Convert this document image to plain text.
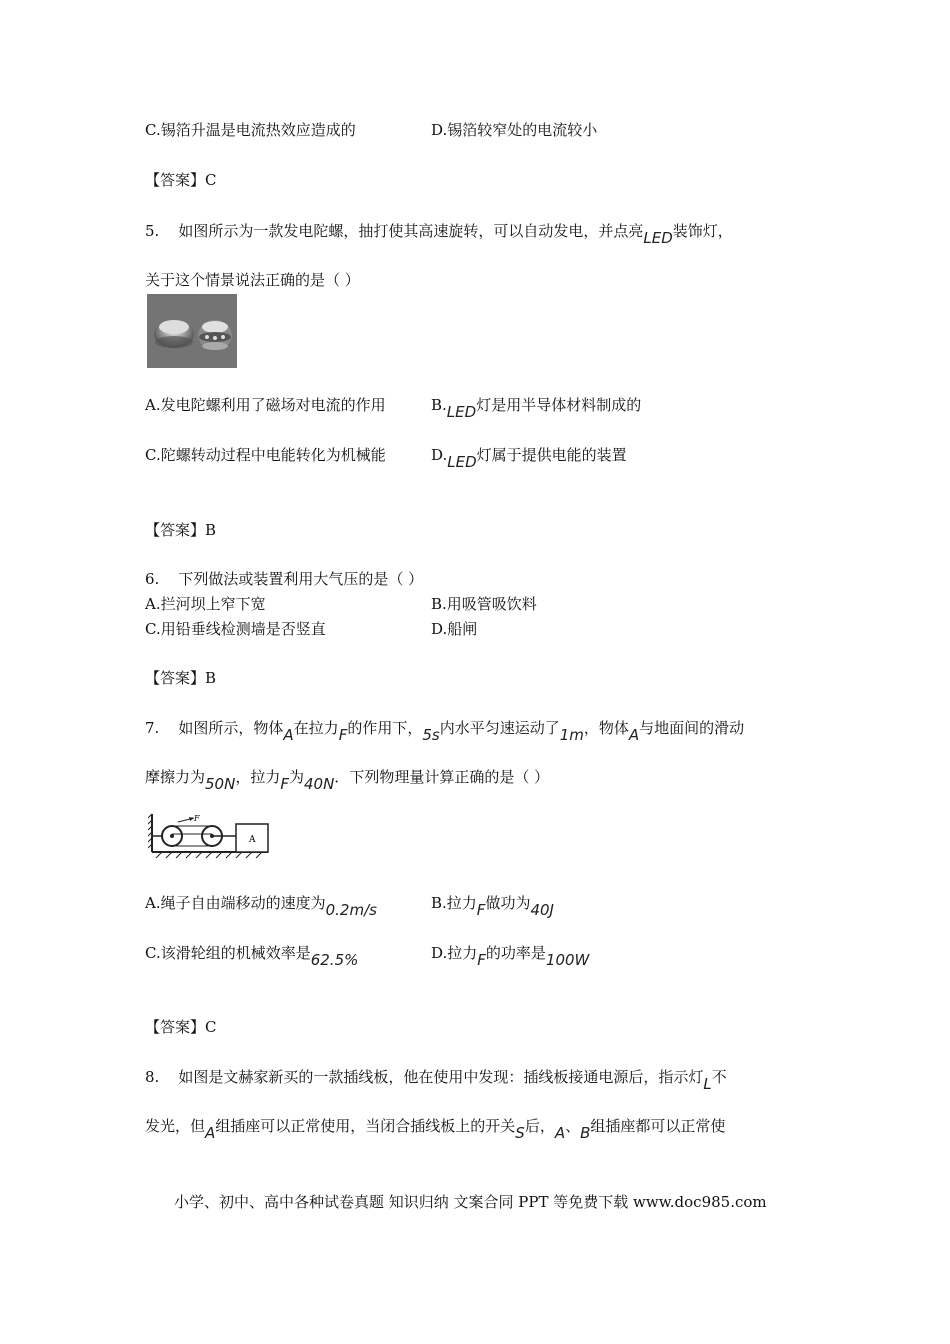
C.锡箔升温是电流热效应造成的	D.锡箔较窄处的电流较小
【答案】C
5. 如图所示为一款发电陀螺，抽打使其高速旋转，可以自动发电，并点亮LED装饰灯，
关于这个情景说法正确的是（ ）
A.发电陀螺利用了磁场对电流的作用	B.LED灯是用半导体材料制成的
C.陀螺转动过程中电能转化为机械能	D.LED灯属于提供电能的装置
【答案】B
6. 下列做法或装置利用大气压的是（ ）
A.拦河坝上窄下宽	B.用吸管吸饮料
C.用铅垂线检测墙是否竖直	D.船闸
【答案】B
7. 如图所示，物体A在拉力F的作用下，5s内水平匀速运动了1m，物体A与地面间的滑动
摩擦力为50N，拉力F为40N．下列物理量计算正确的是（ ）
F
A
A.绳子自由端移动的速度为0.2m/s	B.拉力F做功为40J
C.该滑轮组的机械效率是62.5%	D.拉力F的功率是100W
【答案】C
8. 如图是文赫家新买的一款插线板，他在使用中发现：插线板接通电源后，指示灯L不
发光，但A组插座可以正常使用，当闭合插线板上的开关S后，A、B组插座都可以正常使
小学、初中、高中各种试卷真题 知识归纳 文案合同 PPT 等免费下载 www.doc985.com
